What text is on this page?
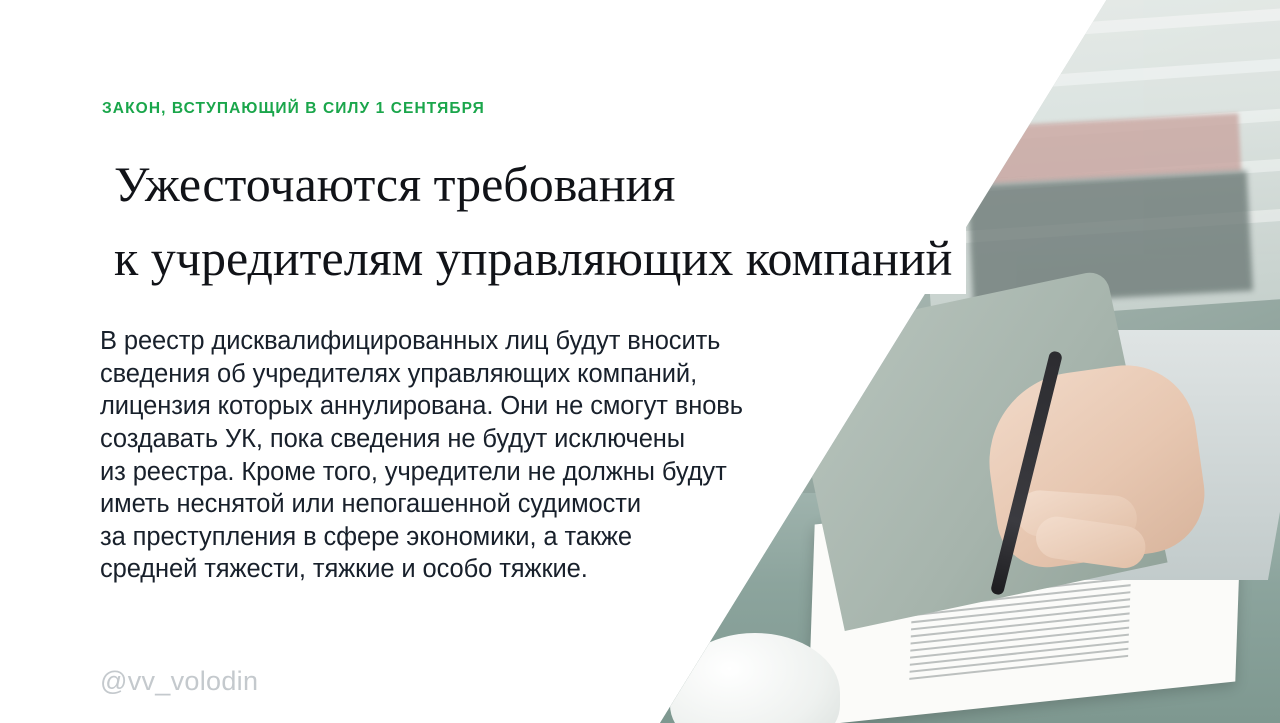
ЗАКОН, ВСТУПАЮЩИЙ В СИЛУ 1 СЕНТЯБРЯ
Ужесточаются требования
к учредителям управляющих компаний

В реестр дисквалифицированных лиц будут вносить

сведения об учредителях управляющих компаний,

лицензия которых аннулирована. Они не смогут вновь

создавать УК, пока сведения не будут исключены

из реестра. Кроме того, учредители не должны будут

иметь неснятой или непогашенной судимости

за преступления в сфере экономики, а также

средней тяжести, тяжкие и особо тяжкие.

@vv_volodin
